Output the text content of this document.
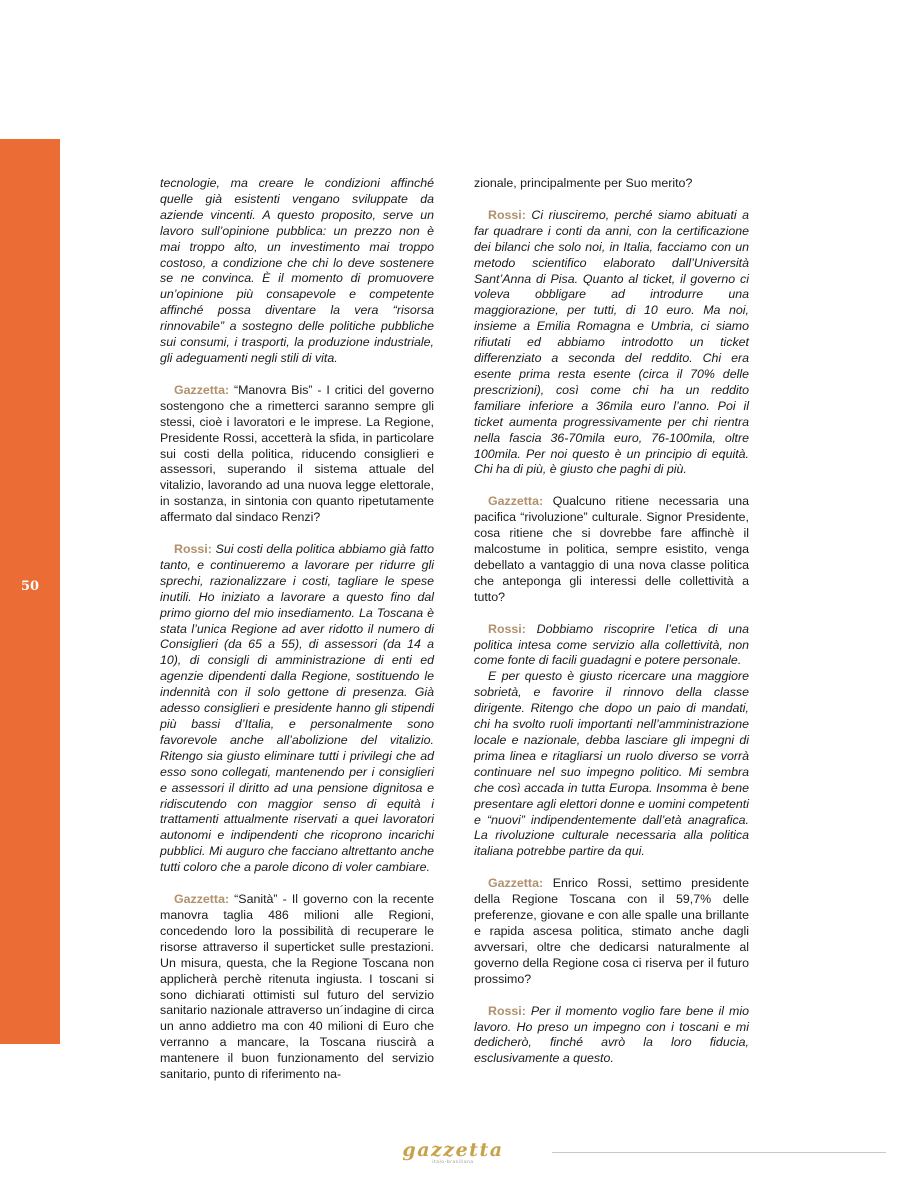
50

tecnologie, ma creare le condizioni affinché quelle già esistenti vengano sviluppate da aziende vincenti. A questo proposito, serve un lavoro sull’opinione pubblica: un prezzo non è mai troppo alto, un investimento mai troppo costoso, a condizione che chi lo deve sostenere se ne convinca. È il momento di promuovere un’opinione più consapevole e competente affinché possa diventare la vera “risorsa rinnovabile” a sostegno delle politiche pubbliche sui consumi, i trasporti, la produzione industriale, gli adeguamenti negli stili di vita.

Gazzetta: “Manovra Bis” - I critici del governo sostengono che a rimetterci saranno sempre gli stessi, cioè i lavoratori e le imprese. La Regione, Presidente Rossi, accetterà la sfida, in particolare sui costi della politica, riducendo consiglieri e assessori, superando il sistema attuale del vitalizio, lavorando ad una nuova legge elettorale, in sostanza, in sintonia con quanto ripetutamente affermato dal sindaco Renzi?

Rossi: Sui costi della politica abbiamo già fatto tanto, e continueremo a lavorare per ridurre gli sprechi, razionalizzare i costi, tagliare le spese inutili. Ho iniziato a lavorare a questo fino dal primo giorno del mio insediamento. La Toscana è stata l’unica Regione ad aver ridotto il numero di Consiglieri (da 65 a 55), di assessori (da 14 a 10), di consigli di amministrazione di enti ed agenzie dipendenti dalla Regione, sostituendo le indennità con il solo gettone di presenza. Già adesso consiglieri e presidente hanno gli stipendi più bassi d’Italia, e personalmente sono favorevole anche all’abolizione del vitalizio. Ritengo sia giusto eliminare tutti i privilegi che ad esso sono collegati, mantenendo per i consiglieri e assessori il diritto ad una pensione dignitosa e ridiscutendo con maggior senso di equità i trattamenti attualmente riservati a quei lavoratori autonomi e indipendenti che ricoprono incarichi pubblici. Mi auguro che facciano altrettanto anche tutti coloro che a parole dicono di voler cambiare.

Gazzetta: “Sanità” - Il governo con la recente manovra taglia 486 milioni alle Regioni, concedendo loro la possibilità di recuperare le risorse attraverso il superticket sulle prestazioni. Un misura, questa, che la Regione Toscana non applicherà perchè ritenuta ingiusta. I toscani si sono dichiarati ottimisti sul futuro del servizio sanitario nazionale attraverso un´indagine di circa un anno addietro ma con 40 milioni di Euro che verranno a mancare, la Toscana riuscirà a mantenere il buon funzionamento del servizio sanitario, punto di riferimento na-

zionale, principalmente per Suo merito?

Rossi: Ci riusciremo, perché siamo abituati a far quadrare i conti da anni, con la certificazione dei bilanci che solo noi, in Italia, facciamo con un metodo scientifico elaborato dall’Università Sant’Anna di Pisa. Quanto al ticket, il governo ci voleva obbligare ad introdurre una maggiorazione, per tutti, di 10 euro. Ma noi, insieme a Emilia Romagna e Umbria, ci siamo rifiutati ed abbiamo introdotto un ticket differenziato a seconda del reddito. Chi era esente prima resta esente (circa il 70% delle prescrizioni), così come chi ha un reddito familiare inferiore a 36mila euro l’anno. Poi il ticket aumenta progressivamente per chi rientra nella fascia 36-70mila euro, 76-100mila, oltre 100mila. Per noi questo è un principio di equità. Chi ha di più, è giusto che paghi di più.

Gazzetta: Qualcuno ritiene necessaria una pacifica “rivoluzione” culturale. Signor Presidente, cosa ritiene che si dovrebbe fare affinchè il malcostume in politica, sempre esistito, venga debellato a vantaggio di una nova classe politica che anteponga gli interessi delle collettività a tutto?

Rossi: Dobbiamo riscoprire l’etica di una politica intesa come servizio alla collettività, non come fonte di facili guadagni e potere personale.

E per questo è giusto ricercare una maggiore sobrietà, e favorire il rinnovo della classe dirigente. Ritengo che dopo un paio di mandati, chi ha svolto ruoli importanti nell’amministrazione locale e nazionale, debba lasciare gli impegni di prima linea e ritagliarsi un ruolo diverso se vorrà continuare nel suo impegno politico. Mi sembra che così accada in tutta Europa. Insomma è bene presentare agli elettori donne e uomini competenti e “nuovi” indipendentemente dall’età anagrafica. La rivoluzione culturale necessaria alla politica italiana potrebbe partire da qui.

Gazzetta: Enrico Rossi, settimo presidente della Regione Toscana con il 59,7% delle preferenze, giovane e con alle spalle una brillante e rapida ascesa politica, stimato anche dagli avversari, oltre che dedicarsi naturalmente al governo della Regione cosa ci riserva per il futuro prossimo?

Rossi: Per il momento voglio fare bene il mio lavoro. Ho preso un impegno con i toscani e mi dedicherò, finché avrò la loro fiducia, esclusivamente a questo.

gazzetta
italo-brasiliana
